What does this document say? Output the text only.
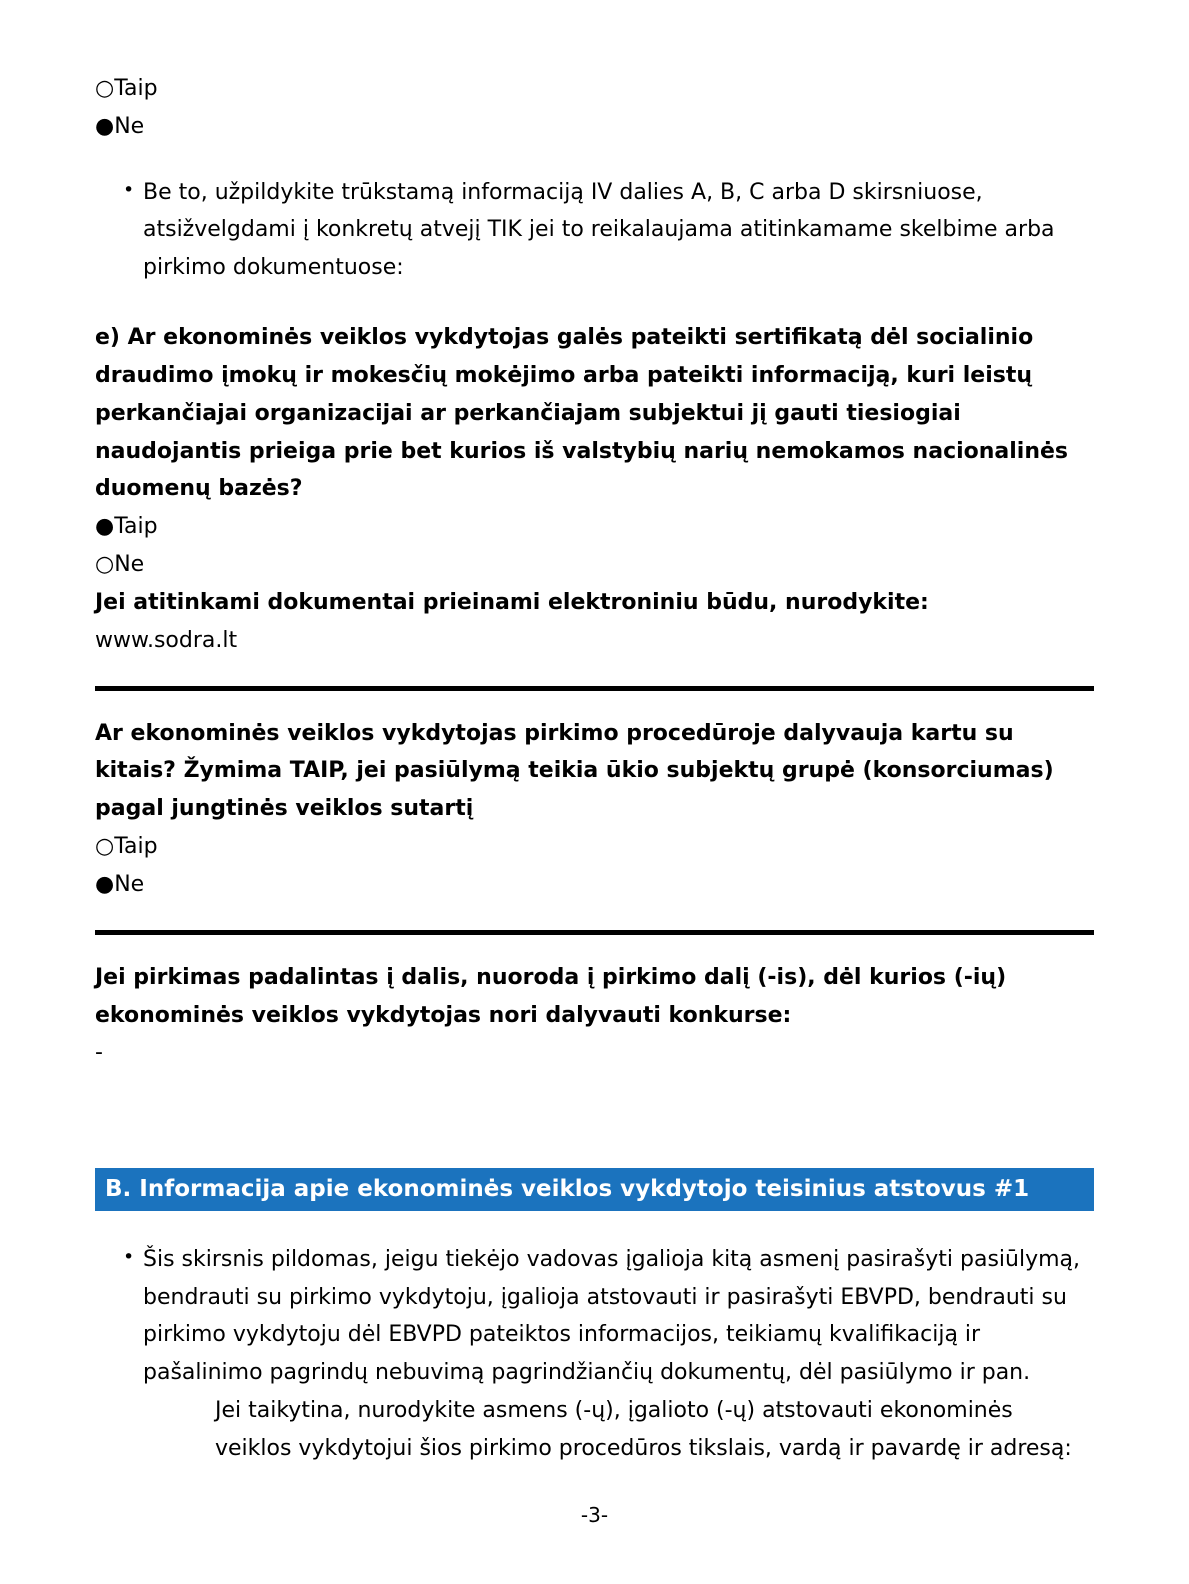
○Taip
●Ne
• Be to, užpildykite trūkstamą informaciją IV dalies A, B, C arba D skirsniuose, atsižvelgdami į konkretų atvejį TIK jei to reikalaujama atitinkamame skelbime arba pirkimo dokumentuose:

e) Ar ekonominės veiklos vykdytojas galės pateikti sertifikatą dėl socialinio draudimo įmokų ir mokesčių mokėjimo arba pateikti informaciją, kuri leistų perkančiajai organizacijai ar perkančiajam subjektui jį gauti tiesiogiai naudojantis prieiga prie bet kurios iš valstybių narių nemokamos nacionalinės duomenų bazės?

●Taip
○Ne

Jei atitinkami dokumentai prieinami elektroniniu būdu, nurodykite:

www.sodra.lt

Ar ekonominės veiklos vykdytojas pirkimo procedūroje dalyvauja kartu su kitais? Žymima TAIP, jei pasiūlymą teikia ūkio subjektų grupė (konsorciumas) pagal jungtinės veiklos sutartį

○Taip
●Ne

Jei pirkimas padalintas į dalis, nuoroda į pirkimo dalį (-is), dėl kurios (-ių) ekonominės veiklos vykdytojas nori dalyvauti konkurse:

-

B. Informacija apie ekonominės veiklos vykdytojo teisinius atstovus #1
• Šis skirsnis pildomas, jeigu tiekėjo vadovas įgalioja kitą asmenį pasirašyti pasiūlymą, bendrauti su pirkimo vykdytoju, įgalioja atstovauti ir pasirašyti EBVPD, bendrauti su pirkimo vykdytoju dėl EBVPD pateiktos informacijos, teikiamų kvalifikaciją ir pašalinimo pagrindų nebuvimą pagrindžiančių dokumentų, dėl pasiūlymo ir pan.

Jei taikytina, nurodykite asmens (-ų), įgalioto (-ų) atstovauti ekonominės veiklos vykdytojui šios pirkimo procedūros tikslais, vardą ir pavardę ir adresą:

-3-
